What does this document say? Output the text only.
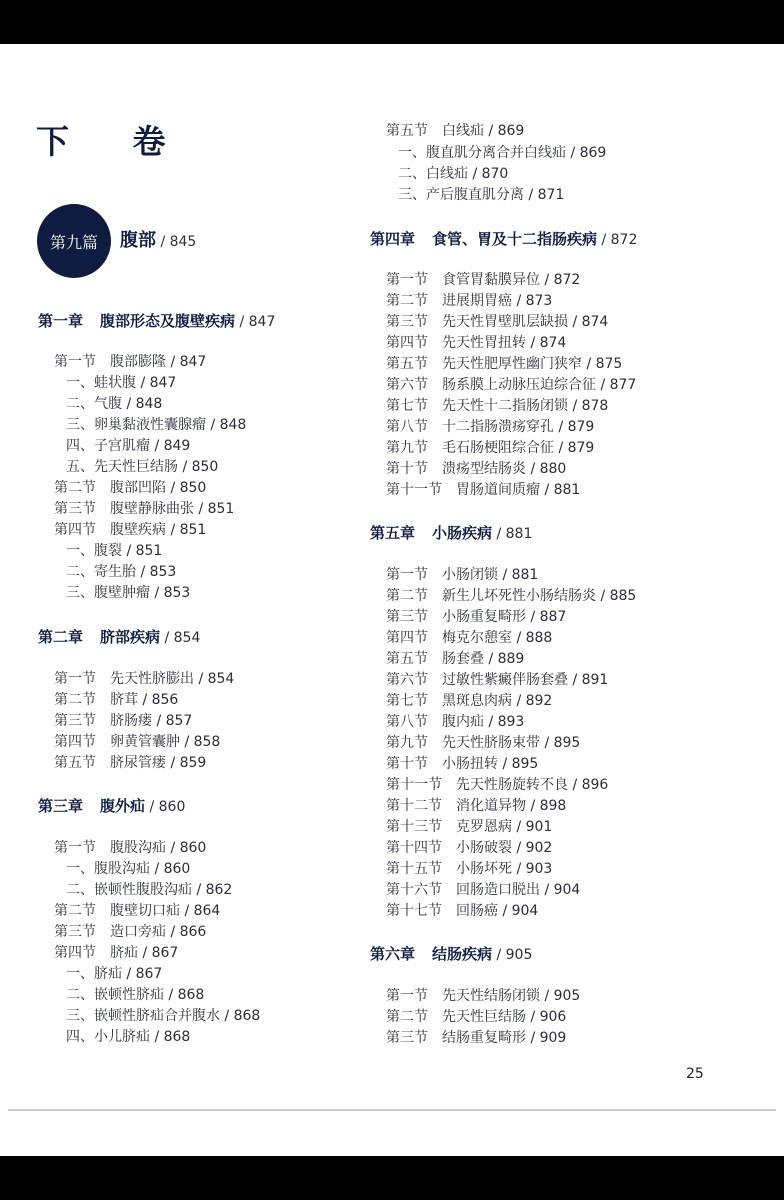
下 卷
第九篇	腹部 / 845
第一章 腹部形态及腹壁疾病 / 847
第一节 腹部膨隆 / 847
一、蛙状腹 / 847
二、气腹 / 848
三、卵巢黏液性囊腺瘤 / 848
四、子宫肌瘤 / 849
五、先天性巨结肠 / 850
第二节 腹部凹陷 / 850
第三节 腹壁静脉曲张 / 851
第四节 腹壁疾病 / 851
一、腹裂 / 851
二、寄生胎 / 853
三、腹壁肿瘤 / 853
第二章 脐部疾病 / 854
第一节 先天性脐膨出 / 854
第二节 脐茸 / 856
第三节 脐肠瘘 / 857
第四节 卵黄管囊肿 / 858
第五节 脐尿管瘘 / 859
第三章 腹外疝 / 860
第一节 腹股沟疝 / 860
一、腹股沟疝 / 860
二、嵌顿性腹股沟疝 / 862
第二节 腹壁切口疝 / 864
第三节 造口旁疝 / 866
第四节 脐疝 / 867
一、脐疝 / 867
二、嵌顿性脐疝 / 868
三、嵌顿性脐疝合并腹水 / 868
四、小儿脐疝 / 868
第五节 白线疝 / 869
一、腹直肌分离合并白线疝 / 869
二、白线疝 / 870
三、产后腹直肌分离 / 871
第四章 食管、胃及十二指肠疾病 / 872
第一节 食管胃黏膜异位 / 872
第二节 进展期胃癌 / 873
第三节 先天性胃壁肌层缺损 / 874
第四节 先天性胃扭转 / 874
第五节 先天性肥厚性幽门狭窄 / 875
第六节 肠系膜上动脉压迫综合征 / 877
第七节 先天性十二指肠闭锁 / 878
第八节 十二指肠溃疡穿孔 / 879
第九节 毛石肠梗阻综合征 / 879
第十节 溃疡型结肠炎 / 880
第十一节 胃肠道间质瘤 / 881
第五章 小肠疾病 / 881
第一节 小肠闭锁 / 881
第二节 新生儿坏死性小肠结肠炎 / 885
第三节 小肠重复畸形 / 887
第四节 梅克尔憩室 / 888
第五节 肠套叠 / 889
第六节 过敏性紫癜伴肠套叠 / 891
第七节 黑斑息肉病 / 892
第八节 腹内疝 / 893
第九节 先天性脐肠束带 / 895
第十节 小肠扭转 / 895
第十一节 先天性肠旋转不良 / 896
第十二节 消化道异物 / 898
第十三节 克罗恩病 / 901
第十四节 小肠破裂 / 902
第十五节 小肠坏死 / 903
第十六节 回肠造口脱出 / 904
第十七节 回肠癌 / 904
第六章 结肠疾病 / 905
第一节 先天性结肠闭锁 / 905
第二节 先天性巨结肠 / 906
第三节 结肠重复畸形 / 909
25
